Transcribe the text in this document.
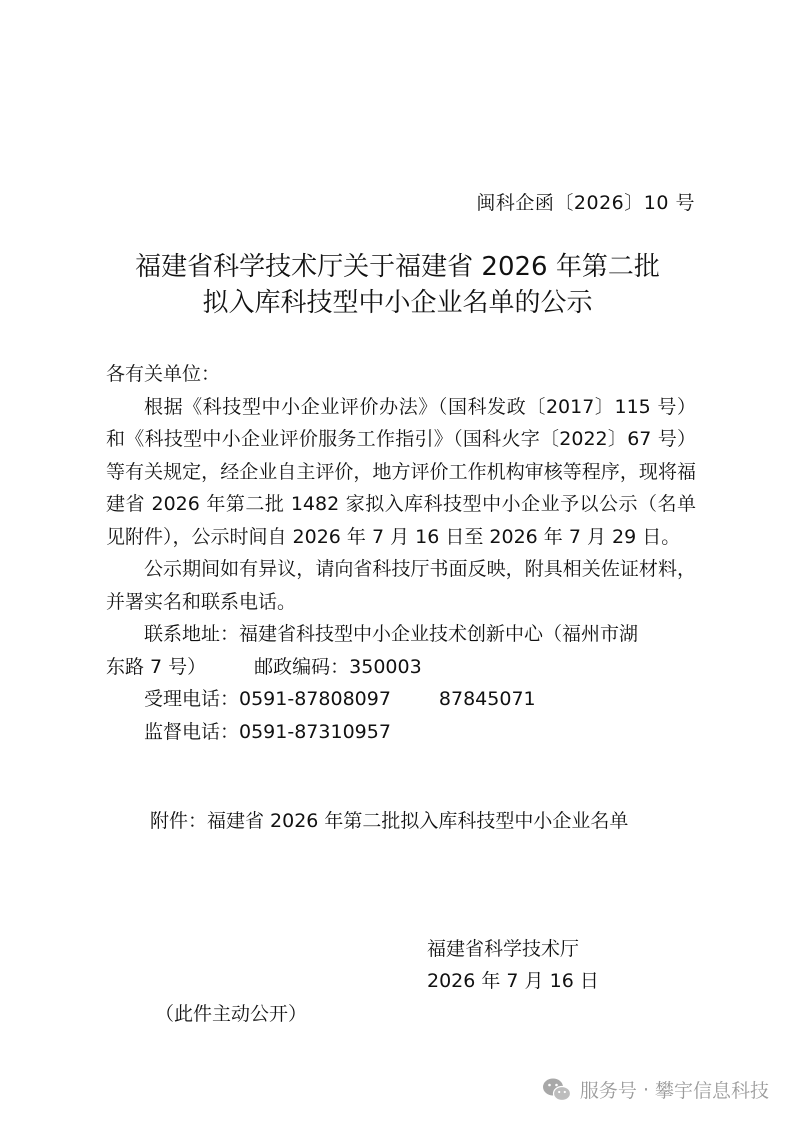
闽科企函〔2026〕10 号
福建省科学技术厅关于福建省 2026 年第二批
拟入库科技型中小企业名单的公示

各有关单位：

根据《科技型中小企业评价办法》（国科发政〔2017〕115 号）和《科技型中小企业评价服务工作指引》（国科火字〔2022〕67 号）等有关规定，经企业自主评价，地方评价工作机构审核等程序，现将福建省 2026 年第二批 1482 家拟入库科技型中小企业予以公示（名单见附件），公示时间自 2026 年 7 月 16 日至 2026 年 7 月 29 日。

公示期间如有异议，请向省科技厅书面反映，附具相关佐证材料，并署实名和联系电话。

联系地址：福建省科技型中小企业技术创新中心（福州市湖

东路 7 号）	邮政编码：350003

受理电话：0591-87808097	87845071

监督电话：0591-87310957

附件：福建省 2026 年第二批拟入库科技型中小企业名单
福建省科学技术厅
2026 年 7 月 16 日
（此件主动公开）
服务号 · 攀宇信息科技
